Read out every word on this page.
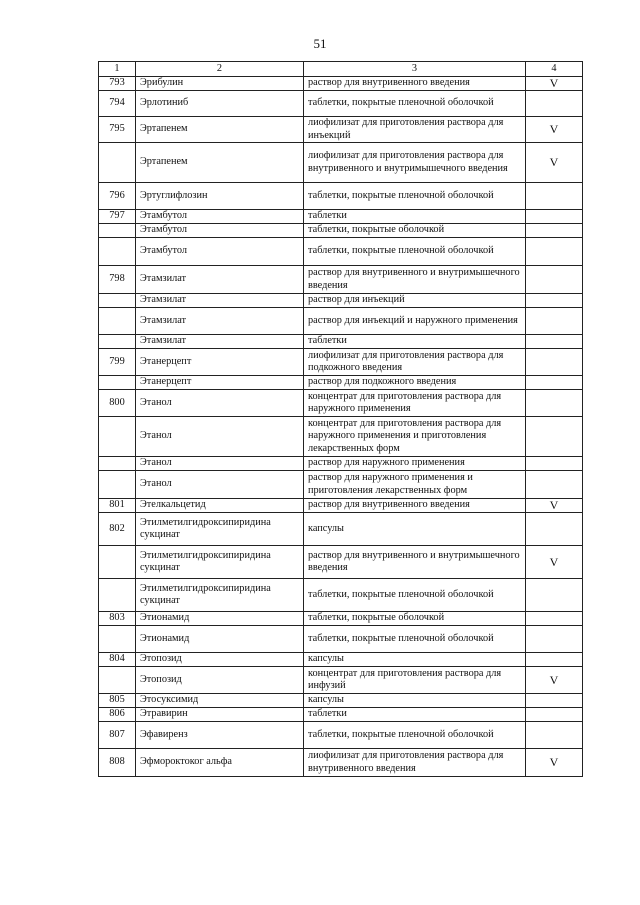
51
1	2	3	4
793	Эрибулин	раствор для внутривенного введения	V
794	Эрлотиниб	таблетки, покрытые пленочной оболочкой	
795	Эртапенем	лиофилизат для приготовления раствора для инъекций	V
	Эртапенем	лиофилизат для приготовления раствора для внутривенного и внутримышечного введения	V
796	Эртуглифлозин	таблетки, покрытые пленочной оболочкой	
797	Этамбутол	таблетки	
	Этамбутол	таблетки, покрытые оболочкой	
	Этамбутол	таблетки, покрытые пленочной оболочкой	
798	Этамзилат	раствор для внутривенного и внутримышечного введения	
	Этамзилат	раствор для инъекций	
	Этамзилат	раствор для инъекций и наружного применения	
	Этамзилат	таблетки	
799	Этанерцепт	лиофилизат для приготовления раствора для подкожного введения	
	Этанерцепт	раствор для подкожного введения	
800	Этанол	концентрат для приготовления раствора для наружного применения	
	Этанол	концентрат для приготовления раствора для наружного применения и приготовления лекарственных форм	
	Этанол	раствор для наружного применения	
	Этанол	раствор для наружного применения и приготовления лекарственных форм	
801	Этелкальцетид	раствор для внутривенного введения	V
802	Этилметилгидроксипиридина сукцинат	капсулы	
	Этилметилгидроксипиридина сукцинат	раствор для внутривенного и внутримышечного введения	V
	Этилметилгидроксипиридина сукцинат	таблетки, покрытые пленочной оболочкой	
803	Этионамид	таблетки, покрытые оболочкой	
	Этионамид	таблетки, покрытые пленочной оболочкой	
804	Этопозид	капсулы	
	Этопозид	концентрат для приготовления раствора для инфузий	V
805	Этосуксимид	капсулы	
806	Этравирин	таблетки	
807	Эфавиренз	таблетки, покрытые пленочной оболочкой	
808	Эфмороктоког альфа	лиофилизат для приготовления раствора для внутривенного введения	V
